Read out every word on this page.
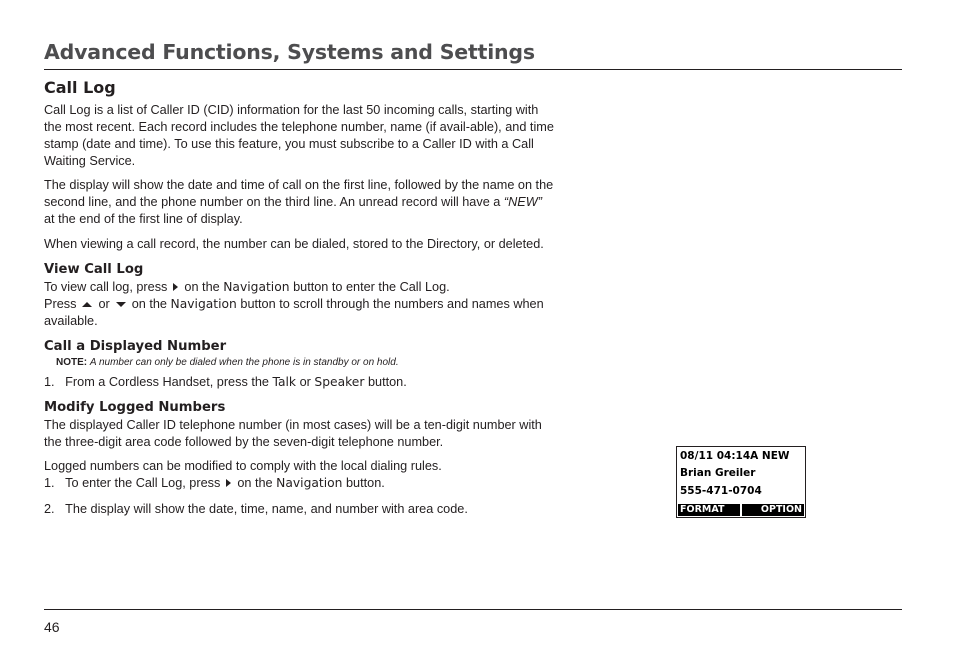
Advanced Functions, Systems and Settings
Call Log

Call Log is a list of Caller ID (CID) information for the last 50 incoming calls, starting with the most recent. Each record includes the telephone number, name (if avail-able), and time stamp (date and time). To use this feature, you must subscribe to a Caller ID with a Call Waiting Service.

The display will show the date and time of call on the first line, followed by the name on the second line, and the phone number on the third line. An unread record will have a “NEW” at the end of the first line of display.

When viewing a call record, the number can be dialed, stored to the Directory, or deleted.

View Call Log

To view call log, press on the Navigation button to enter the Call Log.

Press or on the Navigation button to scroll through the numbers and names when available.

Call a Displayed Number

NOTE: A number can only be dialed when the phone is in standby or on hold.

1. From a Cordless Handset, press the Talk or Speaker button.

Modify Logged Numbers

The displayed Caller ID telephone number (in most cases) will be a ten-digit number with the three-digit area code followed by the seven-digit telephone number.

Logged numbers can be modified to comply with the local dialing rules.

1. To enter the Call Log, press on the Navigation button.

2. The display will show the date, time, name, and number with area code.

08/11 04:14A NEW
Brian Greiler
555-471-0704
FORMAT	OPTION
46
